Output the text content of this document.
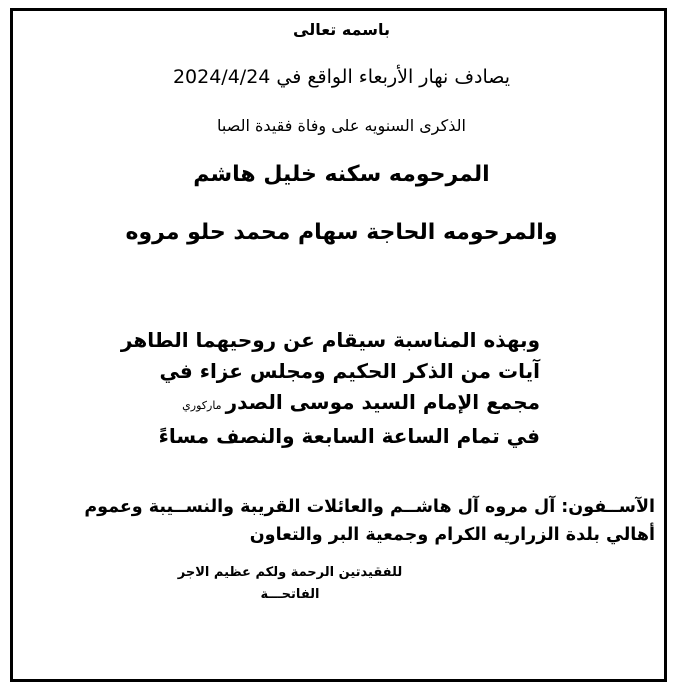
باسمه تعالى
يصادف نهار الأربعاء الواقع في 2024/4/24
الذكرى السنويه على وفاة فقيدة الصبا
المرحومه سكنه خليل هاشم
والمرحومه الحاجة سهام محمد حلو مروه
وبهذه المناسبة سيقام عن روحيهما الطاهر
آيات من الذكر الحكيم ومجلس عزاء في
مجمع الإمام السيد موسى الصدرماركوري
في تمام الساعة السابعة والنصف مساءً
الآســفون: آل مروه آل هاشــم والعائلات القريبة والنســيبة وعموم
أهالي بلدة الزراريه الكرام وجمعية البر والتعاون
للفقيدتين الرحمة ولكم عظيم الاجر
الفاتحـــة
